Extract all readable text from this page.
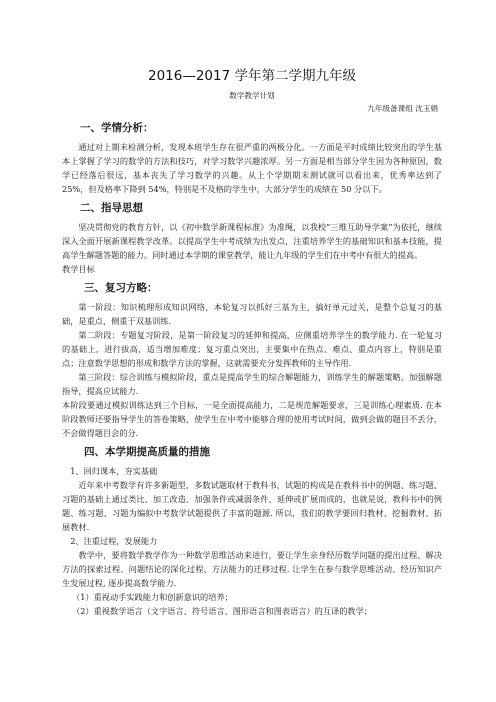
2016—2017 学年第二学期九年级
数学教学计划
九年级备课组 沈玉娟
一、学情分析：

通过对上期末检测分析，发现本班学生存在很严重的两极分化。一方面是平时成绩比较突出的学生基本上掌握了学习的数学的方法和技巧，对学习数学兴趣浓厚。另一方面是相当部分学生因为各种原因，数学已经落后很远，基本丧失了学习数学的兴趣。从上个学期期末测试就可以看出来，优秀率达到了 25%，但及格率下降到 54%，特别是不及格的学生中，大部分学生的成绩在 50 分以下。

二、指导思想

坚决贯彻党的教育方针，以《初中数学新课程标准》为准绳，以我校“三维互助导学案”为依托，继续深入全面开展新课程教学改革。以提高学生中考成绩为出发点，注重培养学生的基础知识和基本技能，提高学生解题答题的能力。同时通过本学期的课堂教学，能让九年级的学生们在中考中有很大的提高。

教学目标

三、复习方略：

第一阶段：知识梳理形成知识网络，本轮复习以抓好三基为主，搞好单元过关，是整个总复习的基础，是重点，侧重于双基训练.

第二阶段：专题复习阶段，是第一阶段复习的延伸和提高，应侧重培养学生的数学能力. 在一轮复习的基础上，进行拔高，适当增加难度；复习重点突出，主要集中在热点、难点、重点内容上，特别是重点；注意数学思想的形成和数学方法的掌握，这就需要充分发挥教师的主导作用.

第三阶段：综合训练与模拟阶段，重点是提高学生的综合解题能力，训练学生的解题策略，加强解题指导，提高应试能力.

本阶段要通过模拟训练达到三个目标，一是全面提高能力，二是规范解题要求，三是训练心理素质. 在本阶段教师还要指导学生的答卷策略，使学生在中考中能够合理的使用考试时间，做到会做的题目不丢分，不会做得题目会的分.

四、本学期提高质量的措施

1、回归课本，夯实基础

近年来中考数学有许多新题型，多数试题取材于教科书，试题的构成是在教科书中的例题、练习题、习题的基础上通过类比、加工改造、加强条件或减弱条件、延伸或扩展而成的，也就是说，教科书中的例题、练习题、习题为编拟中考数学试题提供了丰富的题源. 所以，我们的教学要回归教材、挖掘教材、拓展教材.

2、注重过程，发展能力

教学中，要将数学教学作为一种数学思维活动来进行，要让学生亲身经历数学问题的提出过程、解决方法的探索过程、问题结论的深化过程、方法能力的迁移过程. 让学生在参与数学思维活动、经历知识产生发展过程, 逐步提高数学能力.

（1）重视动手实践能力和创新意识的培养；
（2）重视数学语言（文字语言、符号语言、图形语言和图表语言）的互译的教学；
